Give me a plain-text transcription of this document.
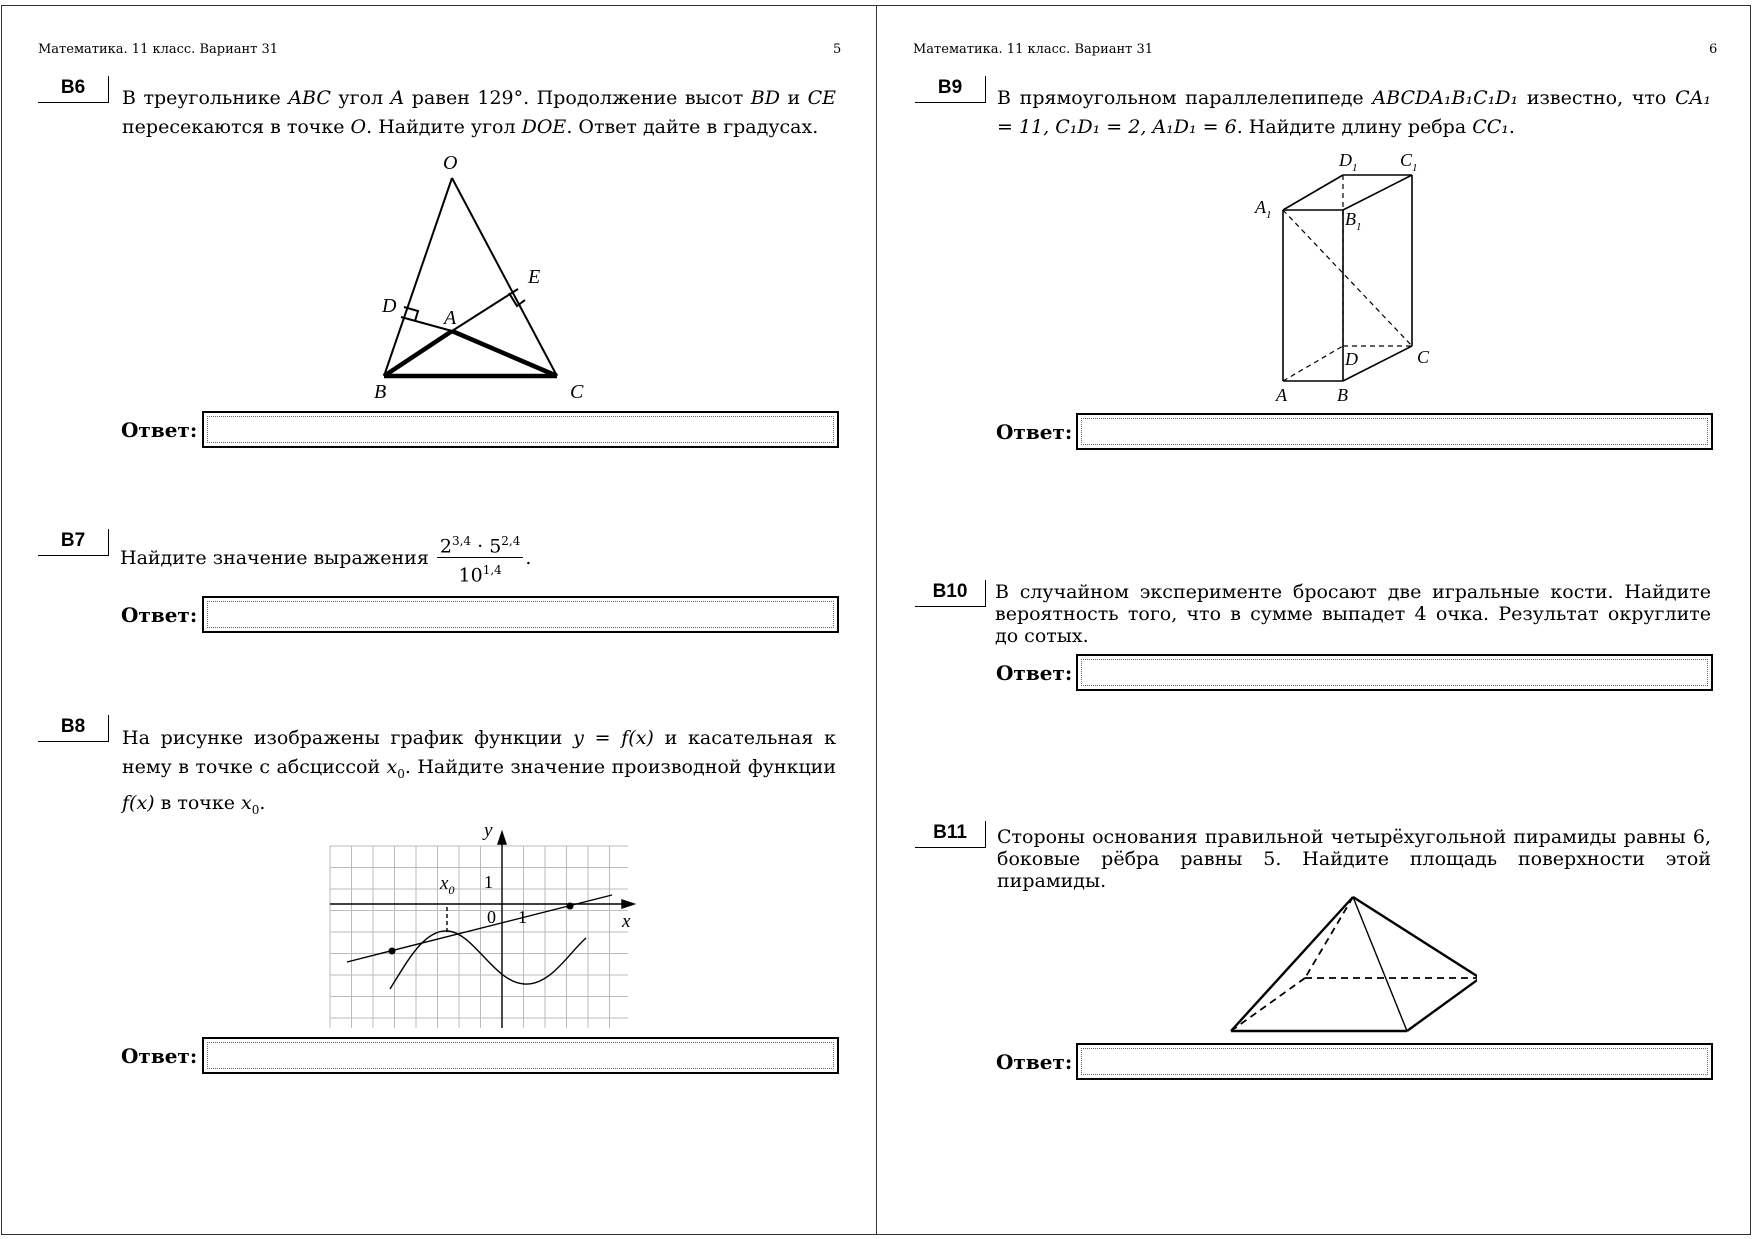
Математика. 11 класс. Вариант 31	5
B6	В треугольнике ABC угол A равен 129°. Продолжение высот BD и CE пересекаются в точке O. Найдите угол DOE. Ответ дайте в градусах.
O
E
D
A
B	C
Ответ:
B7
Найдите значение выражения $\frac{2^{3,4} \cdot 5^{2,4}}{10^{1,4}}$ .
Ответ:
B8
На рисунке изображены график функции y = f(x) и касательная к нему в точке с абсциссой $x_0$. Найдите значение производной функции f(x) в точке $x_0$.
y
x
$x_0$ 1
0 1
Ответ:
Математика. 11 класс. Вариант 31	6
B9	В прямоугольном параллелепипеде ABCDA₁B₁C₁D₁ известно, что CA₁ = 11, C₁D₁ = 2, A₁D₁ = 6. Найдите длину ребра CC₁.
$D_1$ $C_1$
$A_1$	$B_1$
D	C
A	B
Ответ:
B10	В случайном эксперименте бросают две игральные кости. Найдите вероятность того, что в сумме выпадет 4 очка. Результат округлите до сотых.
Ответ:
B11	Стороны основания правильной четырёхугольной пирамиды равны 6, боковые рёбра равны 5. Найдите площадь поверхности этой пирамиды.
Ответ:
